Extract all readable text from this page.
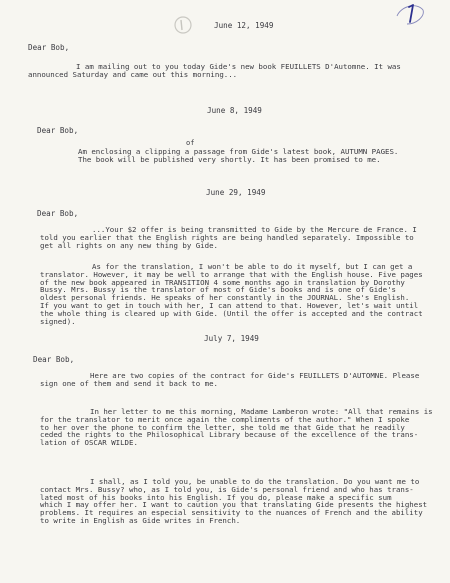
June 12, 1949
Dear Bob,
I am mailing out to you today Gide's new book FEUILLETS D'Automne. It was
announced Saturday and came out this morning...
June 8, 1949
Dear Bob,
of
Am enclosing a clipping a passage from Gide's latest book, AUTUMN PAGES.
The book will be published very shortly. It has been promised to me.
June 29, 1949
Dear Bob,
...Your $2 offer is being transmitted to Gide by the Mercure de France. I
told you earlier that the English rights are being handled separately. Impossible to
get all rights on any new thing by Gide.
As for the translation, I won't be able to do it myself, but I can get a
translator. However, it may be well to arrange that with the English house. Five pages
of the new book appeared in TRANSITION 4 some months ago in translation by Dorothy
Bussy. Mrs. Bussy is the translator of most of Gide's books and is one of Gide's
oldest personal friends. He speaks of her constantly in the JOURNAL. She's English.
If you want to get in touch with her, I can attend to that. However, let's wait until
the whole thing is cleared up with Gide. (Until the offer is accepted and the contract
signed).
July 7, 1949
Dear Bob,
Here are two copies of the contract for Gide's FEUILLETS D'AUTOMNE. Please
sign one of them and send it back to me.
In her letter to me this morning, Madame Lamberon wrote: "All that remains is
for the translator to merit once again the compliments of the author." When I spoke
to her over the phone to confirm the letter, she told me that Gide that he readily
ceded the rights to the Philosophical Library because of the excellence of the trans-
lation of OSCAR WILDE.
I shall, as I told you, be unable to do the translation. Do you want me to
contact Mrs. Bussy? who, as I told you, is Gide's personal friend and who has trans-
lated most of his books into his English. If you do, please make a specific sum
which I may offer her. I want to caution you that translating Gide presents the highest
problems. It requires an especial sensitivity to the nuances of French and the ability
to write in English as Gide writes in French.
